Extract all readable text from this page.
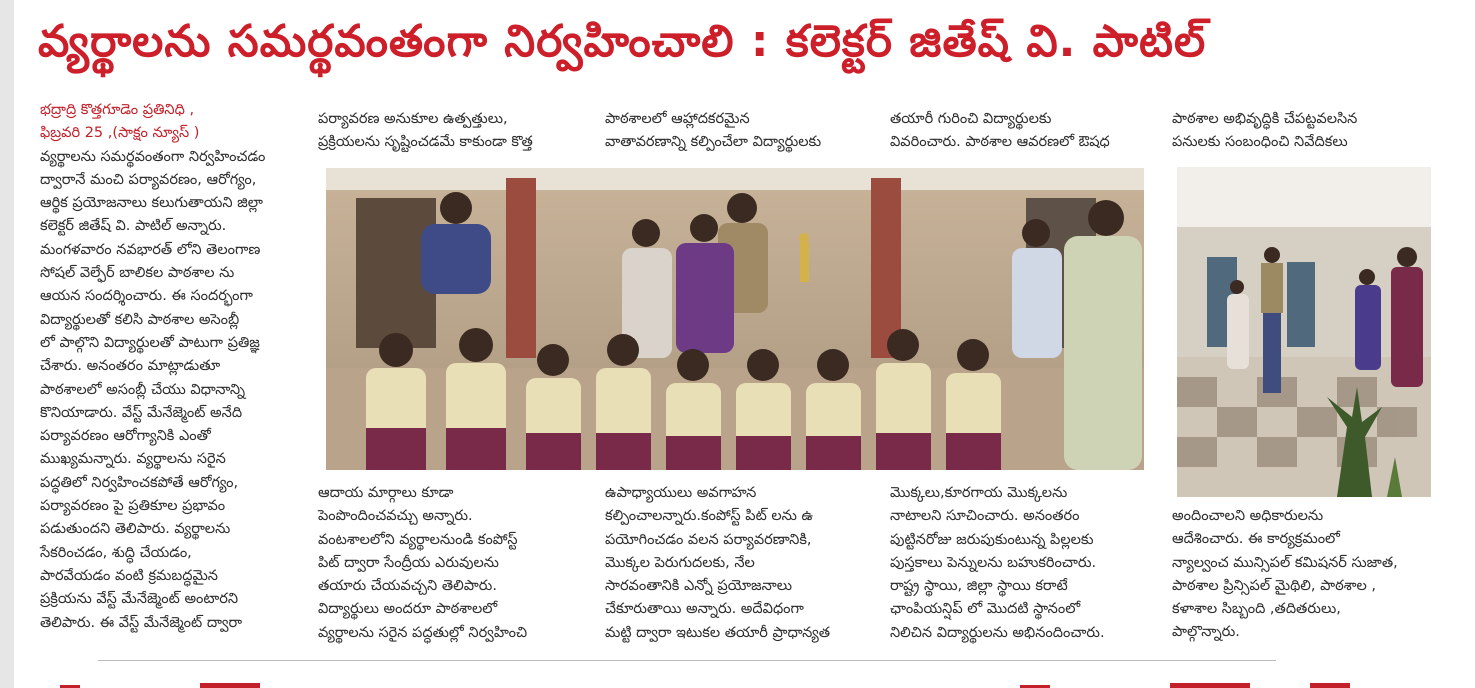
వ్యర్థాలను సమర్థవంతంగా నిర్వహించాలి : కలెక్టర్ జితేష్ వి. పాటిల్
భద్రాద్రి కొత్తగూడెం ప్రతినిధి ,
ఫిబ్రవరి 25 ,(సాక్షం న్యూస్ )
వ్యర్థాలను సమర్థవంతంగా నిర్వహించడం
ద్వారానే మంచి పర్యావరణం, ఆరోగ్యం,
ఆర్థిక ప్రయోజనాలు కలుగుతాయని జిల్లా
కలెక్టర్ జితేష్ వి. పాటిల్ అన్నారు.
మంగళవారం నవభారత్ లోని తెలంగాణ
సోషల్ వెల్ఫేర్ బాలికల పాఠశాల ను
ఆయన సందర్శించారు. ఈ సందర్భంగా
విద్యార్థులతో కలిసి పాఠశాల అసెంబ్లీ
లో పాల్గొని విద్యార్థులతో పాటుగా ప్రతిజ్ఞ
చేశారు. అనంతరం మాట్లాడుతూ
పాఠశాలలో అసంబ్లీ చేయు విధానాన్ని
కొనియాడారు. వేస్ట్ మేనేజ్మెంట్ అనేది
పర్యావరణం ఆరోగ్యానికి ఎంతో
ముఖ్యమన్నారు. వ్యర్థాలను సరైన
పద్ధతిలో నిర్వహించకపోతే ఆరోగ్యం,
పర్యావరణం పై ప్రతికూల ప్రభావం
పడుతుందని తెలిపారు. వ్యర్థాలను
సేకరించడం, శుద్ధి చేయడం,
పారవేయడం వంటి క్రమబద్ధమైన
ప్రక్రియను వేస్ట్ మేనేజ్మెంట్ అంటారని
తెలిపారు. ఈ వేస్ట్ మేనేజ్మెంట్ ద్వారా
పర్యావరణ అనుకూల ఉత్పత్తులు,
ప్రక్రియలను సృష్టించడమే కాకుండా కొత్త
పాఠశాలలో ఆహ్లాదకరమైన
వాతావరణాన్ని కల్పించేలా విద్యార్థులకు
తయారీ గురించి విద్యార్థులకు
వివరించారు. పాఠశాల ఆవరణలో ఔషధ
పాఠశాల అభివృద్ధికి చేపట్టవలసిన
పనులకు సంబంధించి నివేదికలు
ఆదాయ మార్గాలు కూడా
పెంపొందించవచ్చు అన్నారు.
వంటశాలలోని వ్యర్థాలనుండి కంపోస్ట్
పిట్ ద్వారా సేంద్రీయ ఎరువులను
తయారు చేయవచ్చని తెలిపారు.
విద్యార్థులు అందరూ పాఠశాలలో
వ్యర్థాలను సరైన పద్ధతుల్లో నిర్వహించి
ఉపాధ్యాయులు అవగాహన
కల్పించాలన్నారు.కంపోస్ట్ పిట్ లను ఉ
పయోగించడం వలన పర్యావరణానికి,
మొక్కల పెరుగుదలకు, నేల
సారవంతానికి ఎన్నో ప్రయోజనాలు
చేకూరుతాయి అన్నారు. అదేవిధంగా
మట్టి ద్వారా ఇటుకల తయారీ ప్రాధాన్యత
మొక్కలు,కూరగాయ మొక్కలను
నాటాలని సూచించారు. అనంతరం
పుట్టినరోజు జరుపుకుంటున్న పిల్లలకు
పుస్తకాలు పెన్నులను బహుకరించారు.
రాష్ట్ర స్థాయి, జిల్లా స్థాయి కరాటే
ఛాంపియన్షిప్ లో మొదటి స్థానంలో
నిలిచిన విద్యార్థులను అభినందించారు.
అందించాలని అధికారులను
ఆదేశించారు. ఈ కార్యక్రమంలో
న్యాల్వంచ మున్సిపల్ కమిషనర్ సుజాత,
పాఠశాల ప్రిన్సిపల్ మైథిలి, పాఠశాల ,
కళాశాల సిబ్బంది ,తదితరులు,
పాల్గొన్నారు.
